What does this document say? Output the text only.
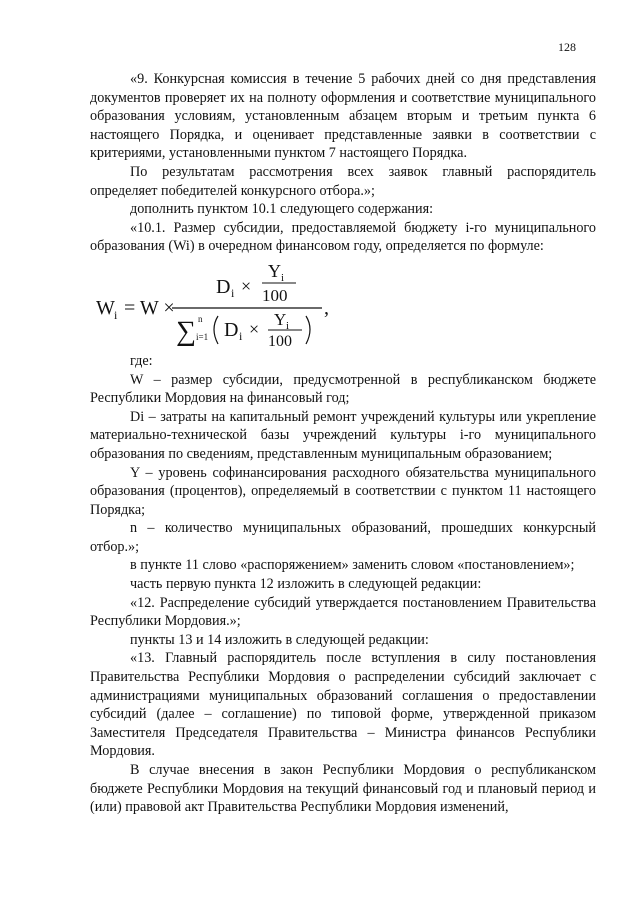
128

«9. Конкурсная комиссия в течение 5 рабочих дней со дня представления документов проверяет их на полноту оформления и соответствие муниципального образования условиям, установленным абзацем вторым и третьим пункта 6 настоящего Порядка, и оценивает представленные заявки в соответствии с критериями, установленными пунктом 7 настоящего Порядка.

По результатам рассмотрения всех заявок главный распорядитель определяет победителей конкурсного отбора.»;

дополнить пунктом 10.1 следующего содержания:

«10.1. Размер субсидии, предоставляемой бюджету i-го муниципального образования (Wi) в очередном финансовом году, определяется по формуле:

W i = W ×
D i ×
Y i
100
∑ n
i=1 D i × Y i
100
,

где:

W – размер субсидии, предусмотренной в республиканском бюджете Республики Мордовия на финансовый год;

Di – затраты на капитальный ремонт учреждений культуры или укрепление материально-технической базы учреждений культуры i-го муниципального образования по сведениям, представленным муниципальным образованием;

Y – уровень софинансирования расходного обязательства муниципального образования (процентов), определяемый в соответствии с пунктом 11 настоящего Порядка;

n – количество муниципальных образований, прошедших конкурсный отбор.»;

в пункте 11 слово «распоряжением» заменить словом «постановлением»;

часть первую пункта 12 изложить в следующей редакции:

«12. Распределение субсидий утверждается постановлением Правительства Республики Мордовия.»;

пункты 13 и 14 изложить в следующей редакции:

«13. Главный распорядитель после вступления в силу постановления Правительства Республики Мордовия о распределении субсидий заключает с администрациями муниципальных образований соглашения о предоставлении субсидий (далее – соглашение) по типовой форме, утвержденной приказом Заместителя Председателя Правительства – Министра финансов Республики Мордовия.

В случае внесения в закон Республики Мордовия о республиканском бюджете Республики Мордовия на текущий финансовый год и плановый период и (или) правовой акт Правительства Республики Мордовия изменений,
